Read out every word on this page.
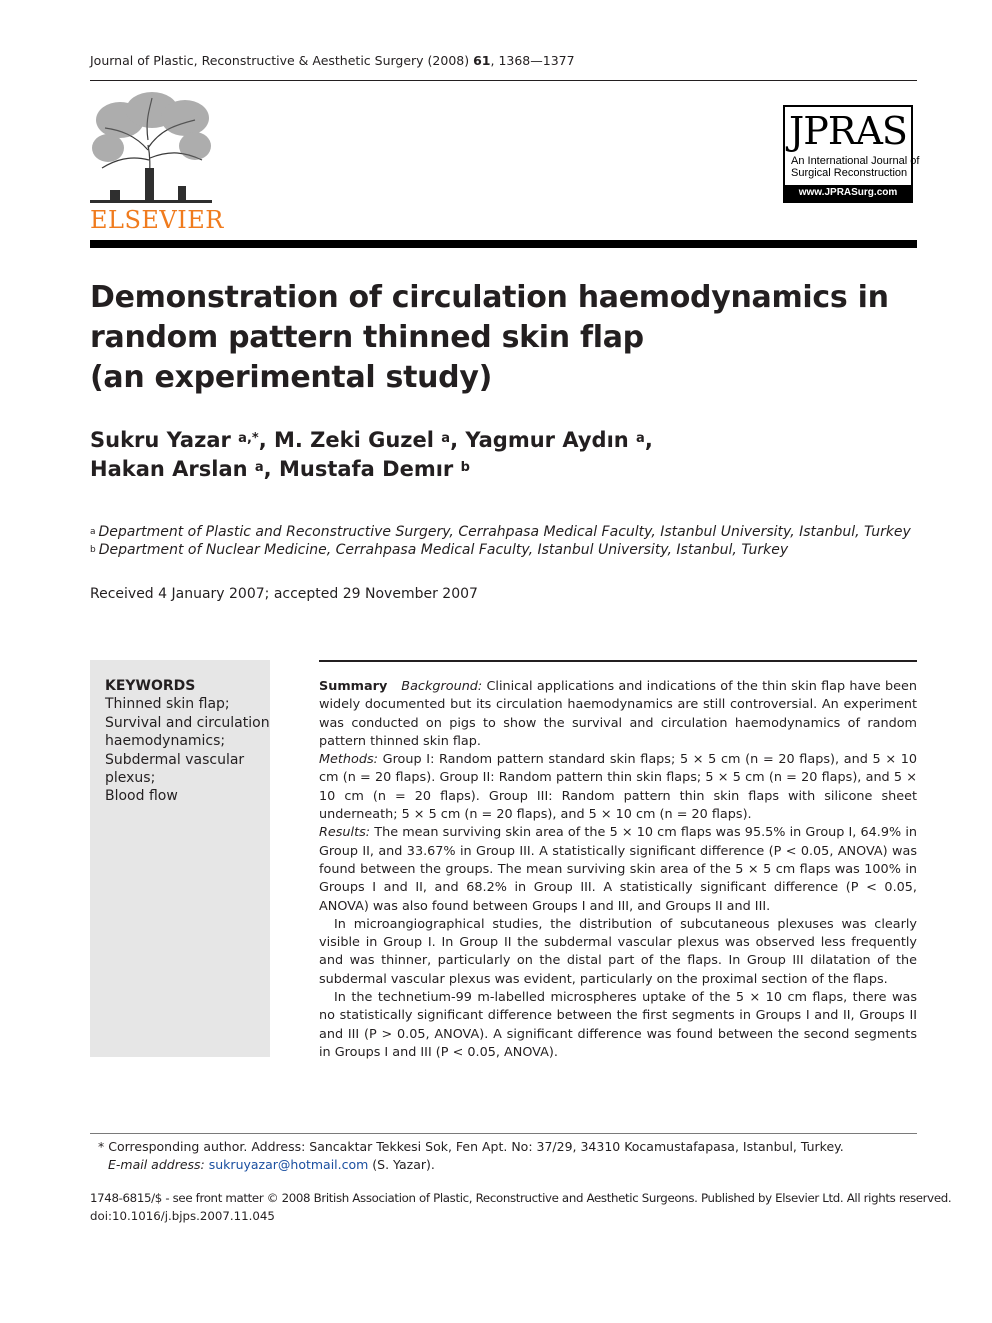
Journal of Plastic, Reconstructive & Aesthetic Surgery (2008) 61, 1368—1377
ELSEVIER
JPRAS
An International Journal of
Surgical Reconstruction
www.JPRASurg.com
Demonstration of circulation haemodynamics in
random pattern thinned skin flap
(an experimental study)
Sukru Yazar $^{a,*}$, M. Zeki Guzel $^a$, Yagmur Aydın $^a$,
Hakan Arslan $^a$, Mustafa Demır $^b$
$^a$ Department of Plastic and Reconstructive Surgery, Cerrahpasa Medical Faculty, Istanbul University, Istanbul, Turkey
$^b$ Department of Nuclear Medicine, Cerrahpasa Medical Faculty, Istanbul University, Istanbul, Turkey
Received 4 January 2007; accepted 29 November 2007
KEYWORDS
Thinned skin flap;
Survival and circulation
haemodynamics;
Subdermal vascular
plexus;
Blood flow

Summary Background: Clinical applications and indications of the thin skin flap have been widely documented but its circulation haemodynamics are still controversial. An experiment was conducted on pigs to show the survival and circulation haemodynamics of random pattern thinned skin flap.

Methods: Group I: Random pattern standard skin flaps; 5 × 5 cm (n = 20 flaps), and 5 × 10 cm (n = 20 flaps). Group II: Random pattern thin skin flaps; 5 × 5 cm (n = 20 flaps), and 5 × 10 cm (n = 20 flaps). Group III: Random pattern thin skin flaps with silicone sheet underneath; 5 × 5 cm (n = 20 flaps), and 5 × 10 cm (n = 20 flaps).

Results: The mean surviving skin area of the 5 × 10 cm flaps was 95.5% in Group I, 64.9% in Group II, and 33.67% in Group III. A statistically significant difference (P < 0.05, ANOVA) was found between the groups. The mean surviving skin area of the 5 × 5 cm flaps was 100% in Groups I and II, and 68.2% in Group III. A statistically significant difference (P < 0.05, ANOVA) was also found between Groups I and III, and Groups II and III.

In microangiographical studies, the distribution of subcutaneous plexuses was clearly visible in Group I. In Group II the subdermal vascular plexus was observed less frequently and was thinner, particularly on the distal part of the flaps. In Group III dilatation of the subdermal vascular plexus was evident, particularly on the proximal section of the flaps.

In the technetium-99 m-labelled microspheres uptake of the 5 × 10 cm flaps, there was no statistically significant difference between the first segments in Groups I and II, Groups II and III (P > 0.05, ANOVA). A significant difference was found between the second segments in Groups I and III (P < 0.05, ANOVA).

* Corresponding author. Address: Sancaktar Tekkesi Sok, Fen Apt. No: 37/29, 34310 Kocamustafapasa, Istanbul, Turkey.
E-mail address: sukruyazar@hotmail.com (S. Yazar).
1748-6815/$ - see front matter © 2008 British Association of Plastic, Reconstructive and Aesthetic Surgeons. Published by Elsevier Ltd. All rights reserved.
doi:10.1016/j.bjps.2007.11.045
